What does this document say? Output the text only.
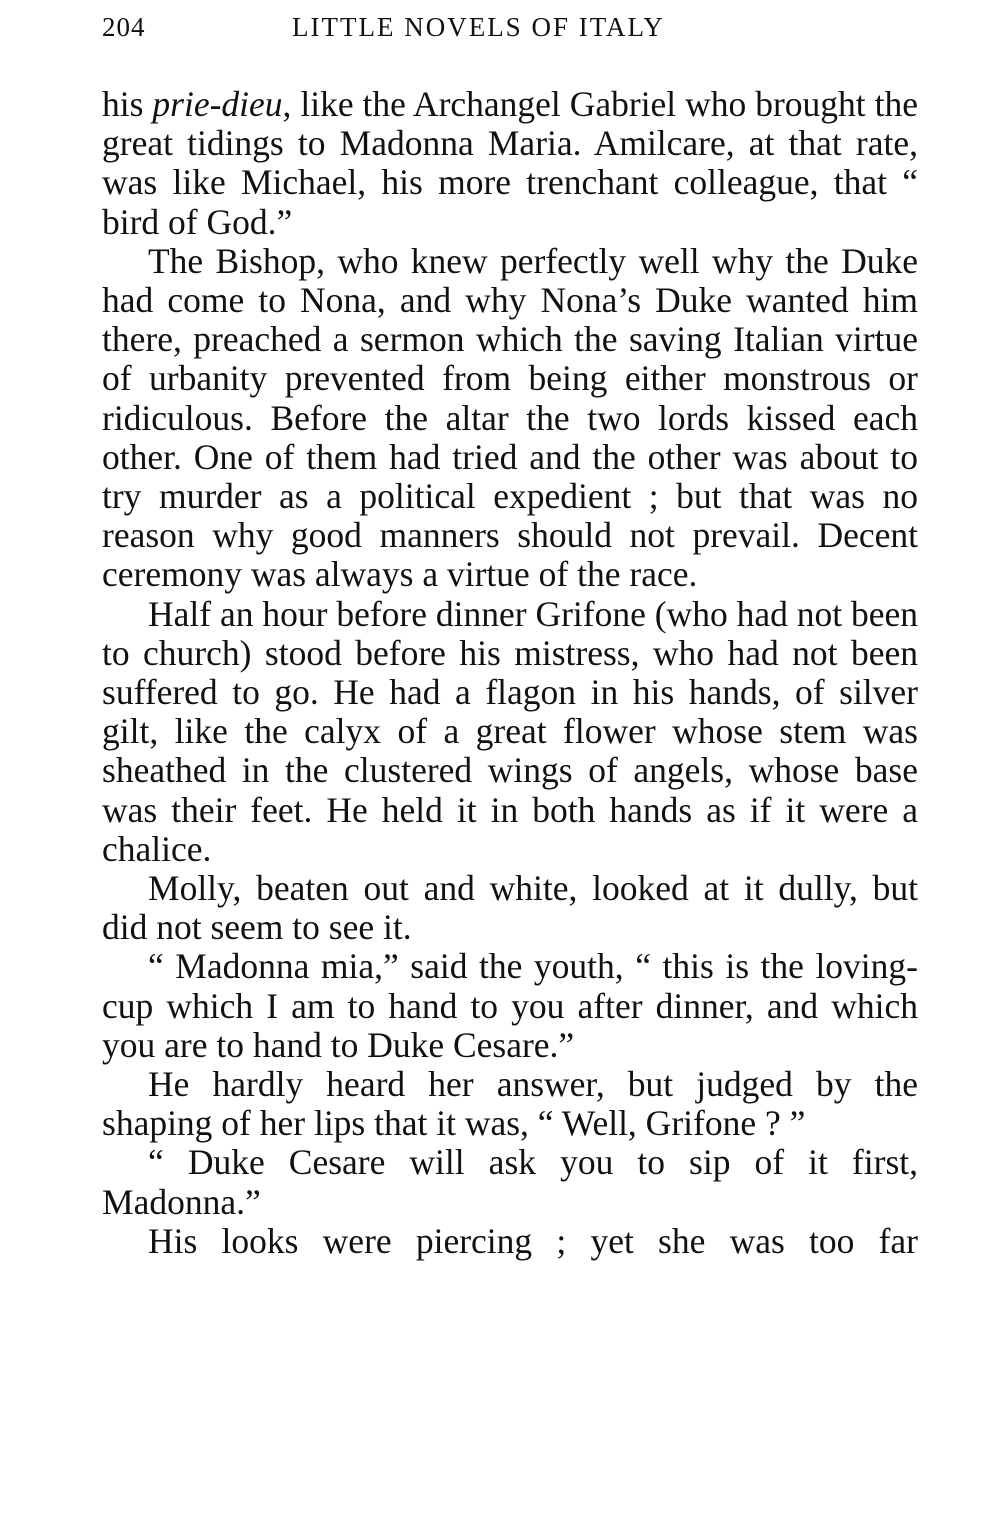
204	LITTLE NOVELS OF ITALY

his prie-dieu, like the Archangel Gabriel who brought the great tidings to Madonna Maria. Amilcare, at that rate, was like Michael, his more trenchant colleague, that “ bird of God.”

The Bishop, who knew perfectly well why the Duke had come to Nona, and why Nona’s Duke wanted him there, preached a sermon which the saving Italian virtue of urbanity prevented from being either monstrous or ridiculous. Before the altar the two lords kissed each other. One of them had tried and the other was about to try murder as a political expedient ; but that was no reason why good manners should not prevail. Decent ceremony was always a virtue of the race.

Half an hour before dinner Grifone (who had not been to church) stood before his mistress, who had not been suffered to go. He had a flagon in his hands, of silver gilt, like the calyx of a great flower whose stem was sheathed in the clustered wings of angels, whose base was their feet. He held it in both hands as if it were a chalice.

Molly, beaten out and white, looked at it dully, but did not seem to see it.

“ Madonna mia,” said the youth, “ this is the loving-cup which I am to hand to you after dinner, and which you are to hand to Duke Cesare.”

He hardly heard her answer, but judged by the shaping of her lips that it was, “ Well, Grifone ? ”

“ Duke Cesare will ask you to sip of it first, Madonna.”

His looks were piercing ; yet she was too far
